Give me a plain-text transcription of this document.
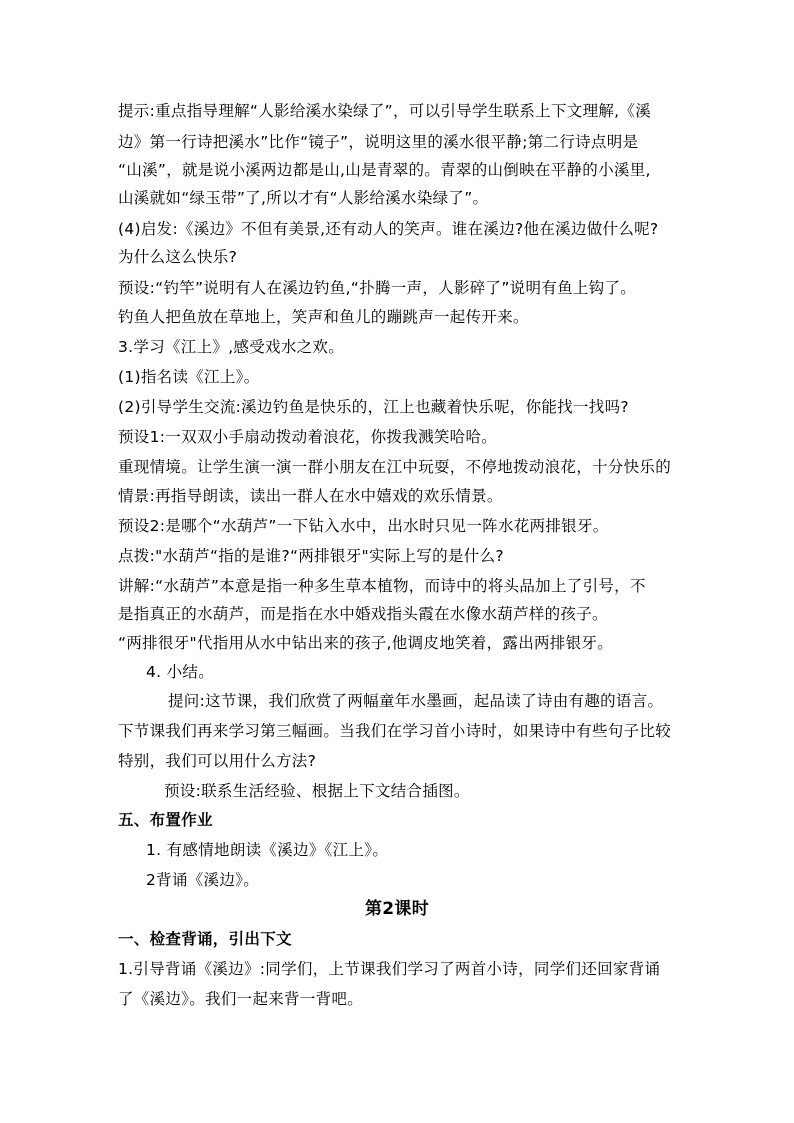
提示:重点指导理解“人影给溪水染绿了”，可以引导学生联系上下文理解,《溪
边》第一行诗把溪水”比作“镜子”，说明这里的溪水很平静;第二行诗点明是
“山溪”，就是说小溪两边都是山,山是青翠的。青翠的山倒映在平静的小溪里,
山溪就如“绿玉带”了,所以才有“人影给溪水染绿了”。
(4)启发:《溪边》不但有美景,还有动人的笑声。谁在溪边?他在溪边做什么呢?
为什么这么快乐?
预设:“钓竿”说明有人在溪边钓鱼,“扑腾一声，人影碎了”说明有鱼上钩了。
钓鱼人把鱼放在草地上，笑声和鱼儿的蹦跳声一起传开来。
3.学习《江上》,感受戏水之欢。
(1)指名读《江上》。
(2)引导学生交流:溪边钓鱼是快乐的，江上也藏着快乐呢，你能找一找吗?
预设1:一双双小手扇动拨动着浪花，你拨我溅笑哈哈。
重现情境。让学生演一演一群小朋友在江中玩耍，不停地拨动浪花，十分快乐的
情景:再指导朗读，读出一群人在水中嬉戏的欢乐情景。
预设2:是哪个“水葫芦”一下钻入水中，出水时只见一阵水花两排银牙。
点拨:"水葫芦“指的是谁?“两排银牙"实际上写的是什么?
讲解:“水葫芦”本意是指一种多生草本植物，而诗中的将头品加上了引号，不
是指真正的水葫芦，而是指在水中婚戏指头霞在水像水葫芦样的孩子。
“两排很牙"代指用从水中钻出来的孩子,他调皮地笑着，露出两排银牙。
4. 小结。
提问:这节课，我们欣赏了两幅童年水墨画，起品读了诗由有趣的语言。
下节课我们再来学习第三幅画。当我们在学习首小诗时，如果诗中有些句子比较
特别，我们可以用什么方法?
预设:联系生活经验、根据上下文结合插图。
五、布置作业
1. 有感情地朗读《溪边》《江上》。
2背诵《溪边》。
第2课时
一、检查背诵，引出下文
1.引导背诵《溪边》:同学们，上节课我们学习了两首小诗，同学们还回家背诵
了《溪边》。我们一起来背一背吧。
